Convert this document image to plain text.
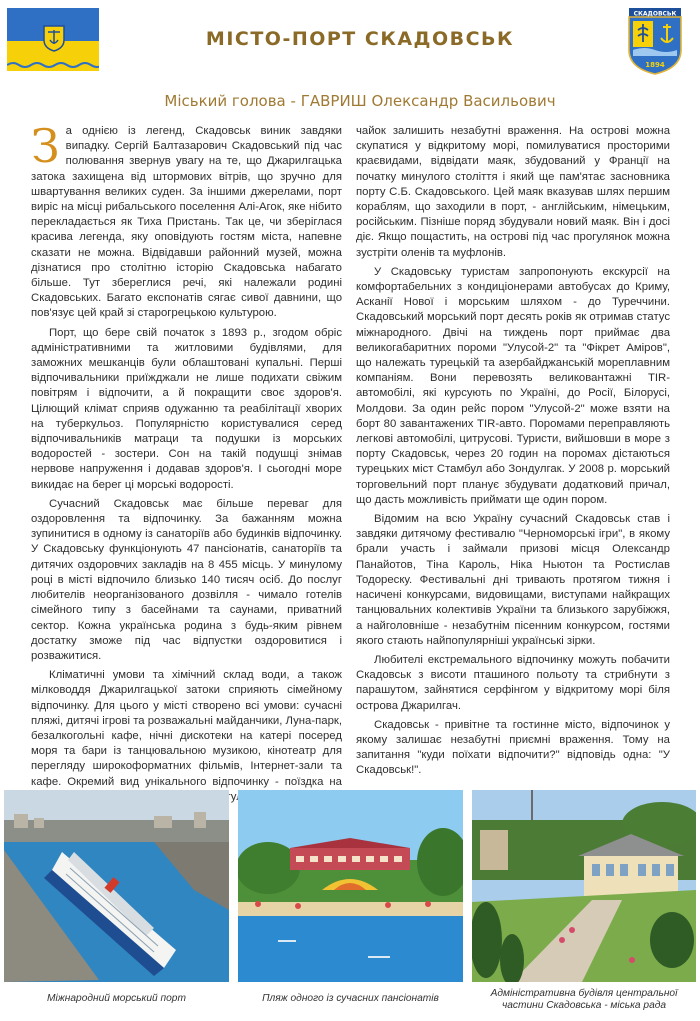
МІСТО-ПОРТ СКАДОВСЬК
СКАДОВСЬК
1894
Міський голова - ГАВРИШ Олександр Васильович

За однією із легенд, Скадовськ виник завдяки випадку. Сергій Балтазарович Скадовський під час полювання звернув увагу на те, що Джарилгацька затока захищена від штормових вітрів, що зручно для швартування великих суден. За іншими джерелами, порт виріс на місці рибальського поселення Алі-Агок, яке нібито перекладається як Тиха Пристань. Так це, чи зберіглася красива легенда, яку оповідують гостям міста, напевне сказати не можна. Відвідавши районний музей, можна дізнатися про столітню історію Скадовська набагато більше. Тут збереглися речі, які належали родині Скадовських. Багато експонатів сягає сивої давнини, що пов'язує цей край зі старогрецькою культурою.

Порт, що бере свій початок з 1893 р., згодом обріс адміністративними та житловими будівлями, для заможних мешканців були облаштовані купальні. Перші відпочивальники приїжджали не лише подихати свіжим повітрям і відпочити, а й покращити своє здоров'я. Цілющий клімат сприяв одужанню та реабілітації хворих на туберкульоз. Популярністю користувалися серед відпочивальників матраци та подушки із морських водоростей - зостери. Сон на такій подушці знімав нервове напруження і додавав здоров'я. І сьогодні море викидає на берег ці морські водорості.

Сучасний Скадовськ має більше переваг для оздоровлення та відпочинку. За бажанням можна зупинитися в одному із санаторіїв або будинків відпочинку. У Скадовську функціонують 47 пансіонатів, санаторіїв та дитячих оздоровчих закладів на 8 455 місць. У минулому році в місті відпочило близько 140 тисяч осіб. До послуг любителів неорганізованого дозвілля - чимало готелів сімейного типу з басейнами та саунами, приватний сектор. Кожна українська родина з будь-яким рівнем достатку зможе під час відпустки оздоровитися і розважитися.

Кліматичні умови та хімічний склад води, а також мілководдя Джарилгацької затоки сприяють сімейному відпочинку. Для цього у місті створено всі умови: сучасні пляжі, дитячі ігрові та розважальні майданчики, Луна-парк, безалкогольні кафе, нічні дискотеки на катері посеред моря та бари із танцювальною музикою, кінотеатр для перегляду широкоформатних фільмів, Інтернет-зали та кафе. Окремий вид унікального відпочинку - поїздка на прогулянка

чайок залишить незабутні враження. На острові можна скупатися у відкритому морі, помилуватися просторими краєвидами, відвідати маяк, збудований у Франції на початку минулого століття і який ще пам'ятає засновника порту С.Б. Скадовського. Цей маяк вказував шлях першим кораблям, що заходили в порт, - англійським, німецьким, російським. Пізніше поряд збудували новий маяк. Він і досі діє. Якщо пощастить, на острові під час прогулянок можна зустріти оленів та муфлонів.

У Скадовську туристам запропонують екскурсії на комфортабельних з кондиціонерами автобусах до Криму, Асканії Нової і морським шляхом - до Туреччини. Скадовський морський порт десять років як отримав статус міжнародного. Двічі на тиждень порт приймає два великогабаритних пороми "Улусой-2" та "Фікрет Аміров", що належать турецькій та азербайджанській мореплавним компаніям. Вони перевозять великовантажні TIR-автомобілі, які курсують по Україні, до Росії, Білорусі, Молдови. За один рейс пором "Улусой-2" може взяти на борт 80 завантажених TIR-авто. Поромами переправляють легкові автомобілі, цитрусові. Туристи, вийшовши в море з порту Скадовськ, через 20 годин на поромах дістаються турецьких міст Стамбул або Зондулгак. У 2008 р. морський торговельний порт планує збудувати додатковий причал, що дасть можливість приймати ще один пором.

Відомим на всю Україну сучасний Скадовськ став і завдяки дитячому фестивалю "Черноморські ігри", в якому брали участь і займали призові місця Олександр Панайотов, Тіна Кароль, Ніка Ньютон та Ростислав Тодореску. Фестивальні дні тривають протягом тижня і насичені конкурсами, видовищами, виступами найкращих танцювальних колективів України та близького зарубіжжя, а найголовніше - незабутнім пісенним конкурсом, гостями якого стають найпопулярніші українські зірки.

Любителі екстремального відпочинку можуть побачити Скадовськ з висоти пташиного польоту та стрибнути з парашутом, зайнятися серфінгом у відкритому морі біля острова Джарилгач.

Скадовськ - привітне та гостинне місто, відпочинок у якому залишає незабутні приємні враження. Тому на запитання "куди поїхати відпочити?" відповідь одна: "У Скадовськ!".

Міжнародний морський порт	Пляж одного із сучасних пансіонатів	Адміністративна будівля центральної частини Скадовська - міська рада
